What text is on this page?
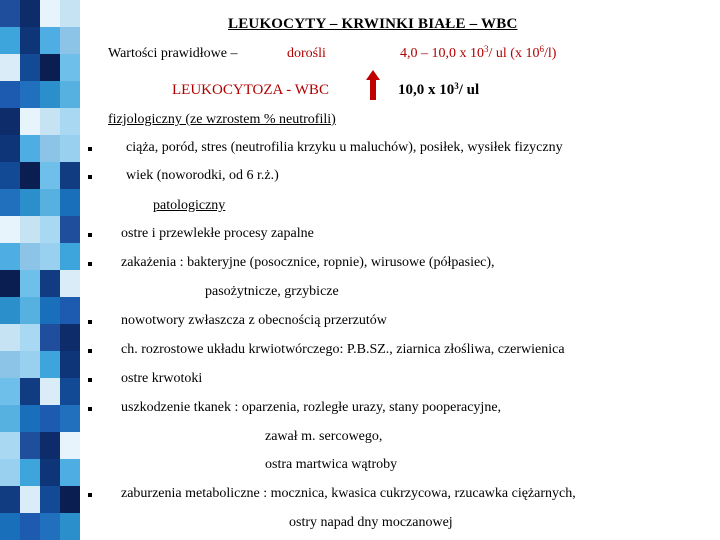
LEUKOCYTY – KRWINKI BIAŁE – WBC
Wartości prawidłowe –	dorośli	4,0 – 10,0 x $10^3/$ ul (x $10^6/l$)
LEUKOCYTOZA - WBC	10,0 x $10^3/$ ul
fizjologiczny (ze wzrostem % neutrofili)
ciąża, poród, stres (neutrofilia krzyku u maluchów), posiłek, wysiłek fizyczny
wiek (noworodki, od 6 r.ż.)
patologiczny
ostre i przewlekłe procesy zapalne
zakażenia : bakteryjne (posocznice, ropnie), wirusowe (półpasiec),
pasożytnicze, grzybicze
nowotwory zwłaszcza z obecnością przerzutów
ch. rozrostowe układu krwiotwórczego: P.B.SZ., ziarnica złośliwa, czerwienica
ostre krwotoki
uszkodzenie tkanek : oparzenia, rozległe urazy, stany pooperacyjne,
zawał m. sercowego,
ostra martwica wątroby
zaburzenia metaboliczne : mocznica, kwasica cukrzycowa, rzucawka ciężarnych,
ostry napad dny moczanowej
